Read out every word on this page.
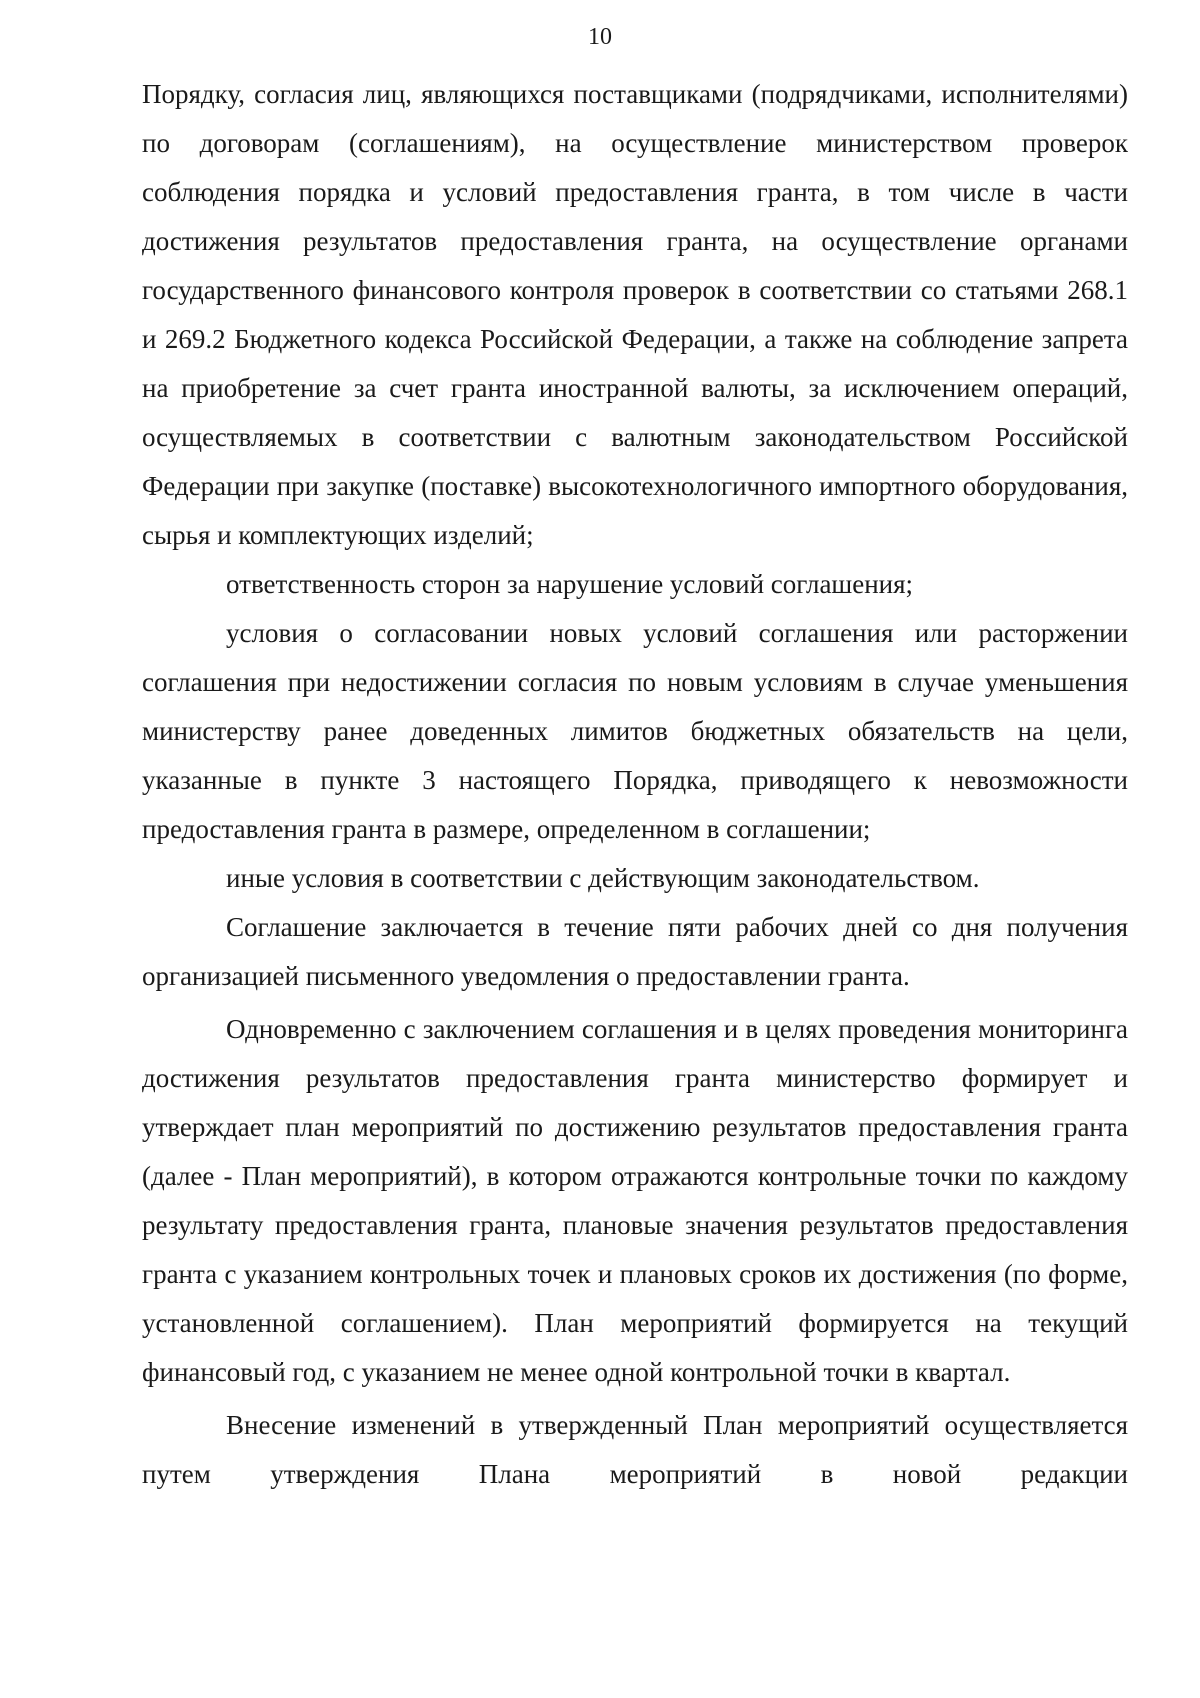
10

Порядку, согласия лиц, являющихся поставщиками (подрядчиками, исполнителями) по договорам (соглашениям), на осуществление министерством проверок соблюдения порядка и условий предоставления гранта, в том числе в части достижения результатов предоставления гранта, на осуществление органами государственного финансового контроля проверок в соответствии со статьями 268.1 и 269.2 Бюджетного кодекса Российской Федерации, а также на соблюдение запрета на приобретение за счет гранта иностранной валюты, за исключением операций, осуществляемых в соответствии с валютным законодательством Российской Федерации при закупке (поставке) высокотехнологичного импортного оборудования, сырья и комплектующих изделий;

ответственность сторон за нарушение условий соглашения;

условия о согласовании новых условий соглашения или расторжении соглашения при недостижении согласия по новым условиям в случае уменьшения министерству ранее доведенных лимитов бюджетных обязательств на цели, указанные в пункте 3 настоящего Порядка, приводящего к невозможности предоставления гранта в размере, определенном в соглашении;

иные условия в соответствии с действующим законодательством.

Соглашение заключается в течение пяти рабочих дней со дня получения организацией письменного уведомления о предоставлении гранта.

Одновременно с заключением соглашения и в целях проведения мониторинга достижения результатов предоставления гранта министерство формирует и утверждает план мероприятий по достижению результатов предоставления гранта (далее - План мероприятий), в котором отражаются контрольные точки по каждому результату предоставления гранта, плановые значения результатов предоставления гранта с указанием контрольных точек и плановых сроков их достижения (по форме, установленной соглашением). План мероприятий формируется на текущий финансовый год, с указанием не менее одной контрольной точки в квартал.

Внесение изменений в утвержденный План мероприятий осуществляется путем утверждения Плана мероприятий в новой редакции
